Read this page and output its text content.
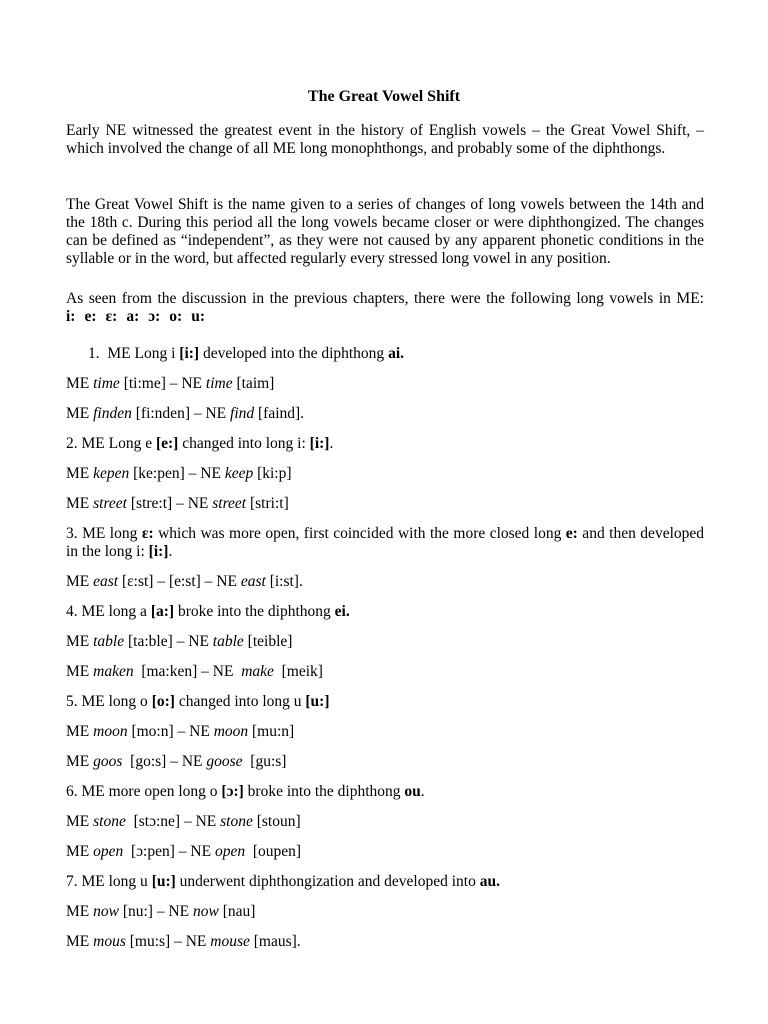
The Great Vowel Shift
Early NE witnessed the greatest event in the history of English vowels – the Great Vowel Shift, – which involved the change of all ME long monophthongs, and probably some of the diphthongs.
The Great Vowel Shift is the name given to a series of changes of long vowels between the 14th and the 18th c. During this period all the long vowels became closer or were diphthongized. The changes can be defined as “independent”, as they were not caused by any apparent phonetic conditions in the syllable or in the word, but affected regularly every stressed long vowel in any position.
As seen from the discussion in the previous chapters, there were the following long vowels in ME: i: e: ɛ: a: ɔ: o: u:
1. ME Long i [i:] developed into the diphthong ai.
ME time [ti:me] – NE time [taim]
ME finden [fi:nden] – NE find [faind].
2. ME Long e [e:] changed into long i: [i:].
ME kepen [ke:pen] – NE keep [ki:p]
ME street [stre:t] – NE street [stri:t]
3. ME long ɛ: which was more open, first coincided with the more closed long e: and then developed in the long i: [i:].
ME east [ɛ:st] – [e:st] – NE east [i:st].
4. ME long a [a:] broke into the diphthong ei.
ME table [ta:ble] – NE table [teible]
ME maken  [ma:ken] – NE  make  [meik]
5. ME long o [o:] changed into long u [u:]
ME moon [mo:n] – NE moon [mu:n]
ME goos  [go:s] – NE goose  [gu:s]
6. ME more open long o [ɔ:] broke into the diphthong ou.
ME stone  [stɔ:ne] – NE stone [stoun]
ME open  [ɔ:pen] – NE open  [oupen]
7. ME long u [u:] underwent diphthongization and developed into au.
ME now [nu:] – NE now [nau]
ME mous [mu:s] – NE mouse [maus].
